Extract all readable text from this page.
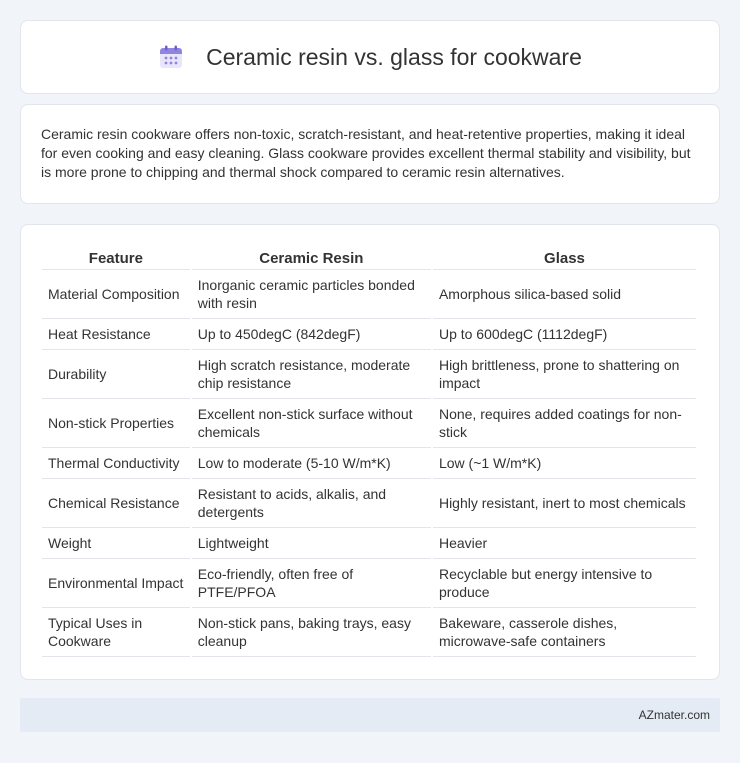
Ceramic resin vs. glass for cookware

Ceramic resin cookware offers non-toxic, scratch-resistant, and heat-retentive properties, making it ideal for even cooking and easy cleaning. Glass cookware provides excellent thermal stability and visibility, but is more prone to chipping and thermal shock compared to ceramic resin alternatives.

Feature	Ceramic Resin	Glass
Material Composition	Inorganic ceramic particles bonded with resin	Amorphous silica-based solid
Heat Resistance	Up to 450degC (842degF)	Up to 600degC (1112degF)
Durability	High scratch resistance, moderate chip resistance	High brittleness, prone to shattering on impact
Non-stick Properties	Excellent non-stick surface without chemicals	None, requires added coatings for non-stick
Thermal Conductivity	Low to moderate (5-10 W/m*K)	Low (~1 W/m*K)
Chemical Resistance	Resistant to acids, alkalis, and detergents	Highly resistant, inert to most chemicals
Weight	Lightweight	Heavier
Environmental Impact	Eco-friendly, often free of PTFE/PFOA	Recyclable but energy intensive to produce
Typical Uses in Cookware	Non-stick pans, baking trays, easy cleanup	Bakeware, casserole dishes, microwave-safe containers
AZmater.com
